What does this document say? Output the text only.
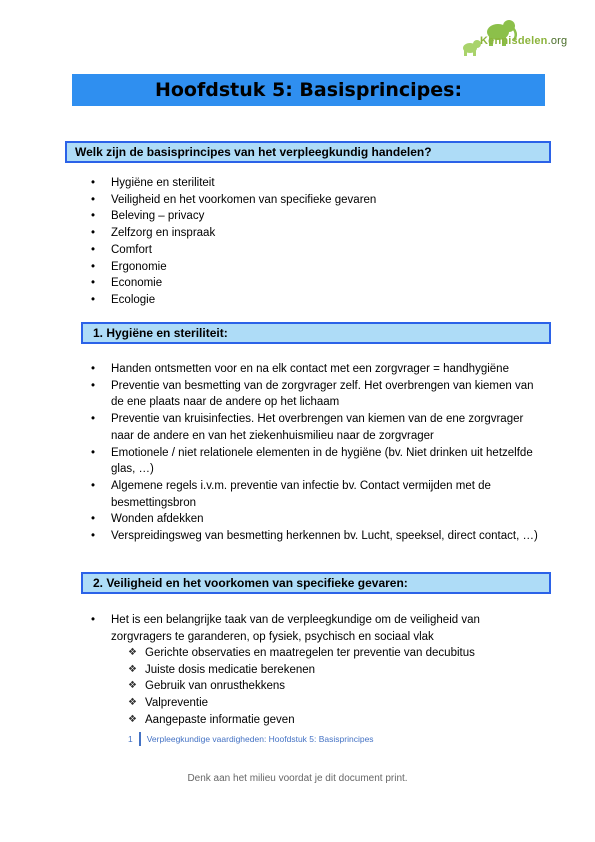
Kennisdelen.org
Hoofdstuk 5: Basisprincipes:
Welk zijn de basisprincipes van het verpleegkundig handelen?
• Hygiëne en steriliteit
• Veiligheid en het voorkomen van specifieke gevaren
• Beleving – privacy
• Zelfzorg en inspraak
• Comfort
• Ergonomie
• Economie
• Ecologie
1. Hygiëne en steriliteit:
• Handen ontsmetten voor en na elk contact met een zorgvrager = handhygiëne
• Preventie van besmetting van de zorgvrager zelf. Het overbrengen van kiemen van de ene plaats naar de andere op het lichaam
• Preventie van kruisinfecties. Het overbrengen van kiemen van de ene zorgvrager naar de andere en van het ziekenhuismilieu naar de zorgvrager
• Emotionele / niet relationele elementen in de hygiëne (bv. Niet drinken uit hetzelfde glas, …)
• Algemene regels i.v.m. preventie van infectie bv. Contact vermijden met de besmettingsbron
• Wonden afdekken
• Verspreidingsweg van besmetting herkennen bv. Lucht, speeksel, direct contact, …)
2. Veiligheid en het voorkomen van specifieke gevaren:
• Het is een belangrijke taak van de verpleegkundige om de veiligheid van zorgvragers te garanderen, op fysiek, psychisch en sociaal vlak
❖ Gerichte observaties en maatregelen ter preventie van decubitus
❖ Juiste dosis medicatie berekenen
❖ Gebruik van onrusthekkens
❖ Valpreventie
❖ Aangepaste informatie geven
1 Verpleegkundige vaardigheden: Hoofdstuk 5: Basisprincipes
Denk aan het milieu voordat je dit document print.
